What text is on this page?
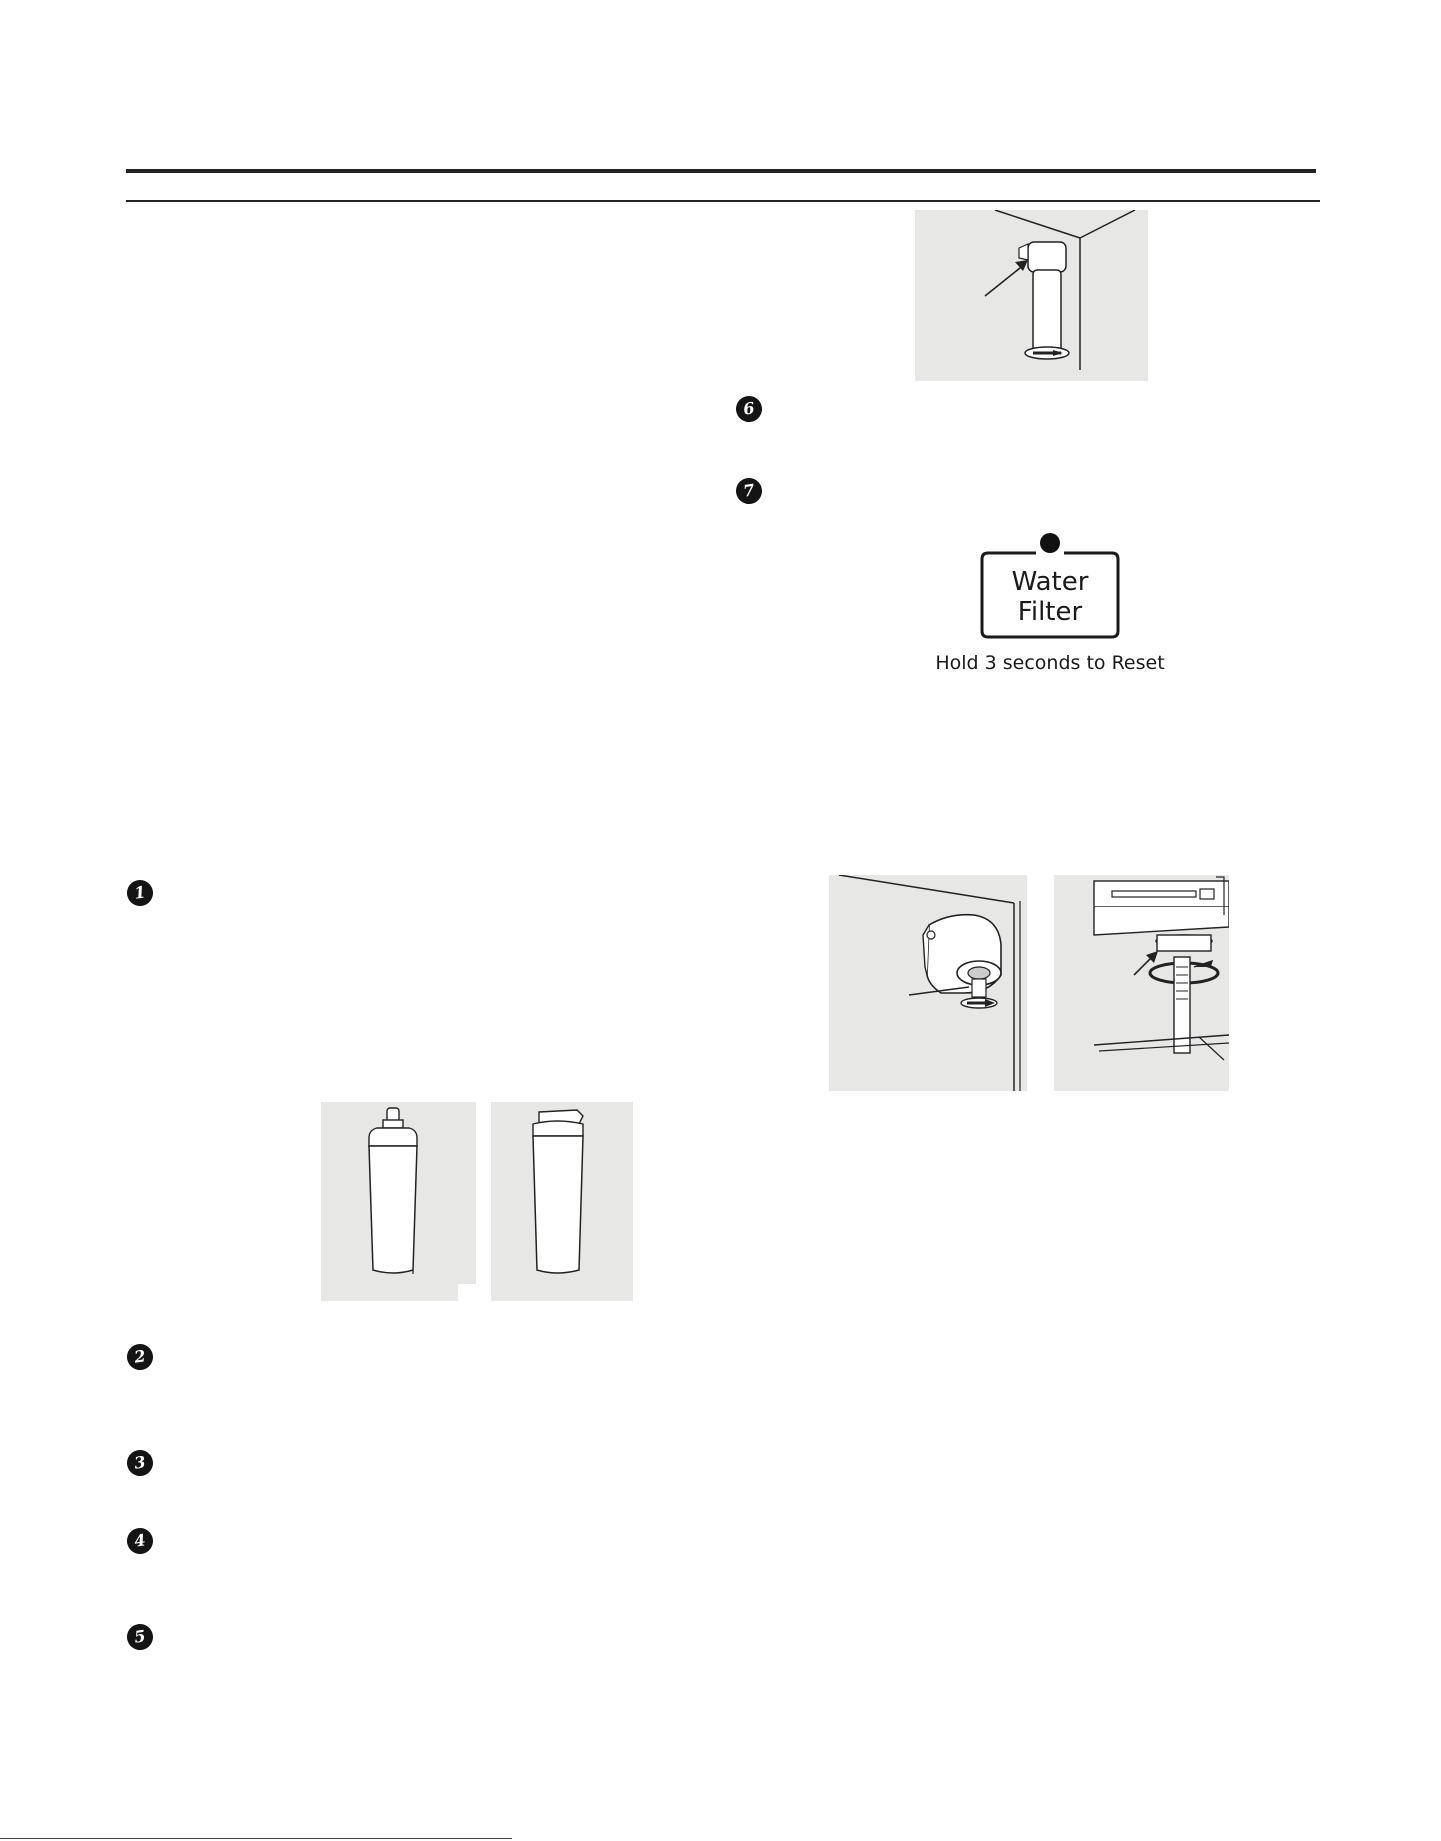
6
7
Water
Filter
Hold 3 seconds to Reset
1
2
3
4
5
